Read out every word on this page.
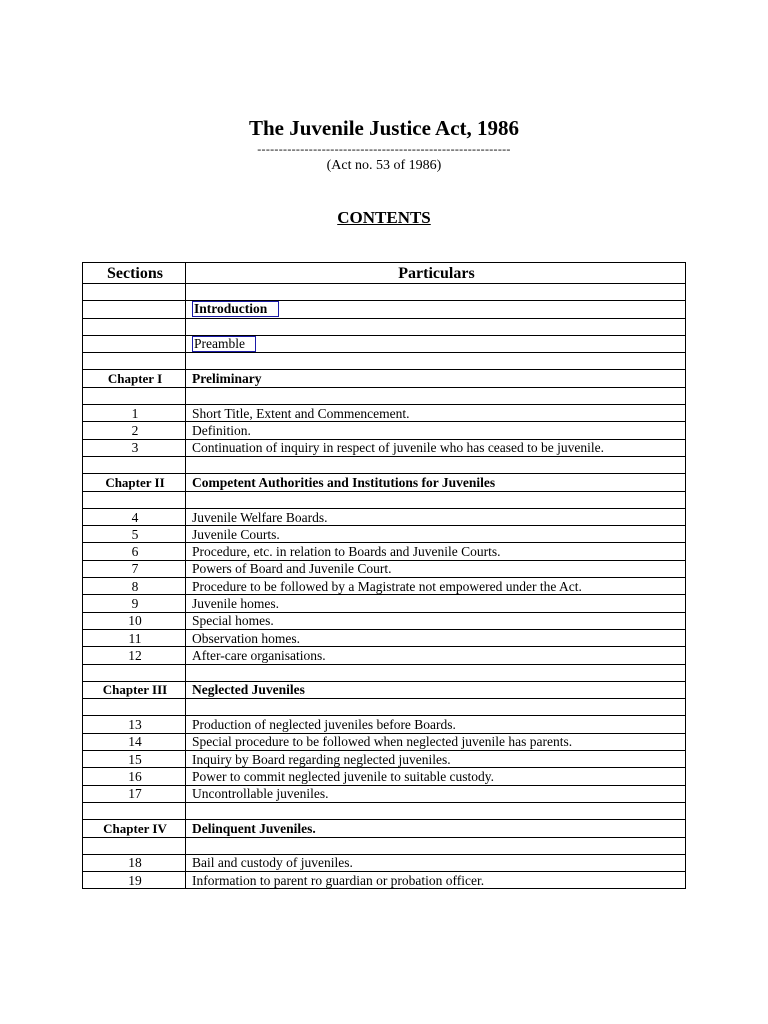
The Juvenile Justice Act, 1986
-----------------------------------------------------------
(Act no. 53 of 1986)
CONTENTS
Sections	Particulars

	Introduction

	Preamble

Chapter I	Preliminary

1	Short Title, Extent and Commencement.
2	Definition.
3	Continuation of inquiry in respect of juvenile who has ceased to be juvenile.

Chapter II	Competent Authorities and Institutions for Juveniles

4	Juvenile Welfare Boards.
5	Juvenile Courts.
6	Procedure, etc. in relation to Boards and Juvenile Courts.
7	Powers of Board and Juvenile Court.
8	Procedure to be followed by a Magistrate not empowered under the Act.
9	Juvenile homes.
10	Special homes.
11	Observation homes.
12	After-care organisations.

Chapter III	Neglected Juveniles

13	Production of neglected juveniles before Boards.
14	Special procedure to be followed when neglected juvenile has parents.
15	Inquiry by Board regarding neglected juveniles.
16	Power to commit neglected juvenile to suitable custody.
17	Uncontrollable juveniles.

Chapter IV	Delinquent Juveniles.

18	Bail and custody of juveniles.
19	Information to parent ro guardian or probation officer.
